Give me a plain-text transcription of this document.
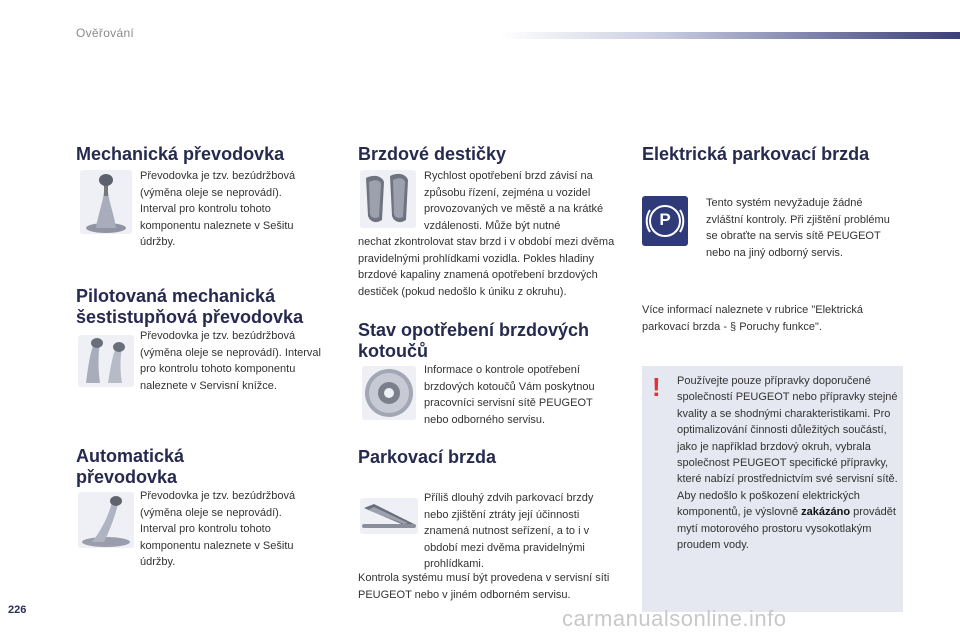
Ověřování
Mechanická převodovka
Převodovka je tzv. bezúdržbová (výměna oleje se neprovádí). Interval pro kontrolu tohoto komponentu naleznete v Sešitu údržby.
Pilotovaná mechanická
šestistupňová převodovka
Převodovka je tzv. bezúdržbová (výměna oleje se neprovádí). Interval pro kontrolu tohoto komponentu naleznete v Servisní knížce.
Automatická
převodovka
Převodovka je tzv. bezúdržbová (výměna oleje se neprovádí). Interval pro kontrolu tohoto komponentu naleznete v Sešitu údržby.
Brzdové destičky
Rychlost opotřebení brzd závisí na způsobu řízení, zejména u vozidel provozovaných ve městě a na krátké vzdálenosti. Může být nutné
nechat zkontrolovat stav brzd i v období mezi dvěma pravidelnými prohlídkami vozidla. Pokles hladiny brzdové kapaliny znamená opotřebení brzdových destiček (pokud nedošlo k úniku z okruhu).
Stav opotřebení brzdových
kotoučů
Informace o kontrole opotřebení brzdových kotoučů Vám poskytnou pracovníci servisní sítě PEUGEOT nebo odborného servisu.
Parkovací brzda
Příliš dlouhý zdvih parkovací brzdy nebo zjištění ztráty její účinnosti znamená nutnost seřízení, a to i v období mezi dvěma pravidelnými prohlídkami.
Kontrola systému musí být provedena v servisní síti PEUGEOT nebo v jiném odborném servisu.
Elektrická parkovací brzda
P
Tento systém nevyžaduje žádné zvláštní kontroly. Při zjištění problému se obraťte na servis sítě PEUGEOT nebo na jiný odborný servis.
Více informací naleznete v rubrice "Elektrická parkovací brzda - § Poruchy funkce".
! Používejte pouze přípravky doporučené společností PEUGEOT nebo přípravky stejné kvality a se shodnými charakteristikami. Pro optimalizování činnosti důležitých součástí, jako je například brzdový okruh, vybrala společnost PEUGEOT specifické přípravky, které nabízí prostřednictvím své servisní sítě. Aby nedošlo k poškození elektrických komponentů, je výslovně zakázáno provádět mytí motorového prostoru vysokotlakým proudem vody.
226	carmanualsonline.info
